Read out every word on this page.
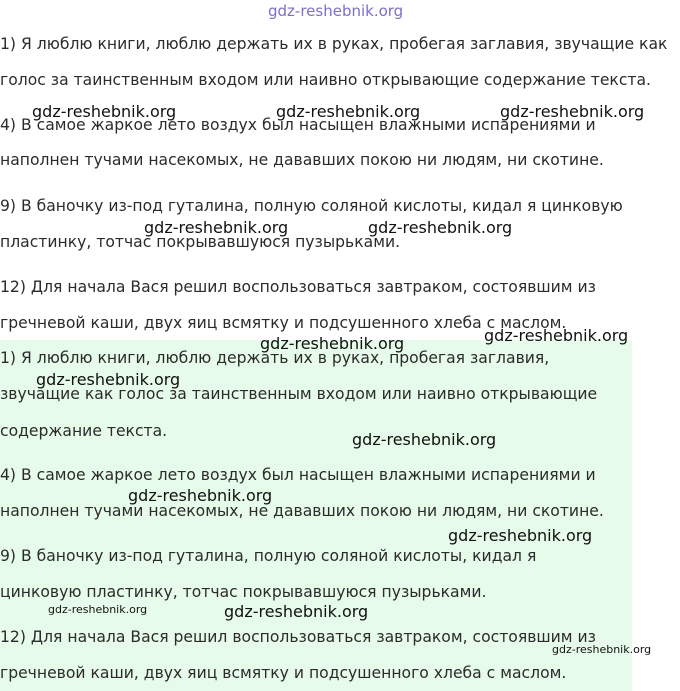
gdz-reshebnik.org
1) Я люблю книги, люблю держать их в руках, пробегая заглавия, звучащие как
голос за таинственным входом или наивно открывающие содержание текста.
4) В самое жаркое лето воздух был насыщен влажными испарениями и
наполнен тучами насекомых, не дававших покою ни людям, ни скотине.
9) В баночку из-под гуталина, полную соляной кислоты, кидал я цинковую
пластинку, тотчас покрывавшуюся пузырьками.
12) Для начала Вася решил воспользоваться завтраком, состоявшим из
гречневой каши, двух яиц всмятку и подсушенного хлеба с маслом.
1) Я люблю книги, люблю держать их в руках, пробегая заглавия,
звучащие как голос за таинственным входом или наивно открывающие
содержание текста.
4) В самое жаркое лето воздух был насыщен влажными испарениями и
наполнен тучами насекомых, не дававших покою ни людям, ни скотине.
9) В баночку из-под гуталина, полную соляной кислоты, кидал я
цинковую пластинку, тотчас покрывавшуюся пузырьками.
12) Для начала Вася решил воспользоваться завтраком, состоявшим из
гречневой каши, двух яиц всмятку и подсушенного хлеба с маслом.
gdz-reshebnik.org	gdz-reshebnik.org	gdz-reshebnik.org
gdz-reshebnik.org	gdz-reshebnik.org
gdz-reshebnik.org
gdz-reshebnik.org
gdz-reshebnik.org
gdz-reshebnik.org
gdz-reshebnik.org
gdz-reshebnik.org
gdz-reshebnik.org	gdz-reshebnik.org
gdz-reshebnik.org
